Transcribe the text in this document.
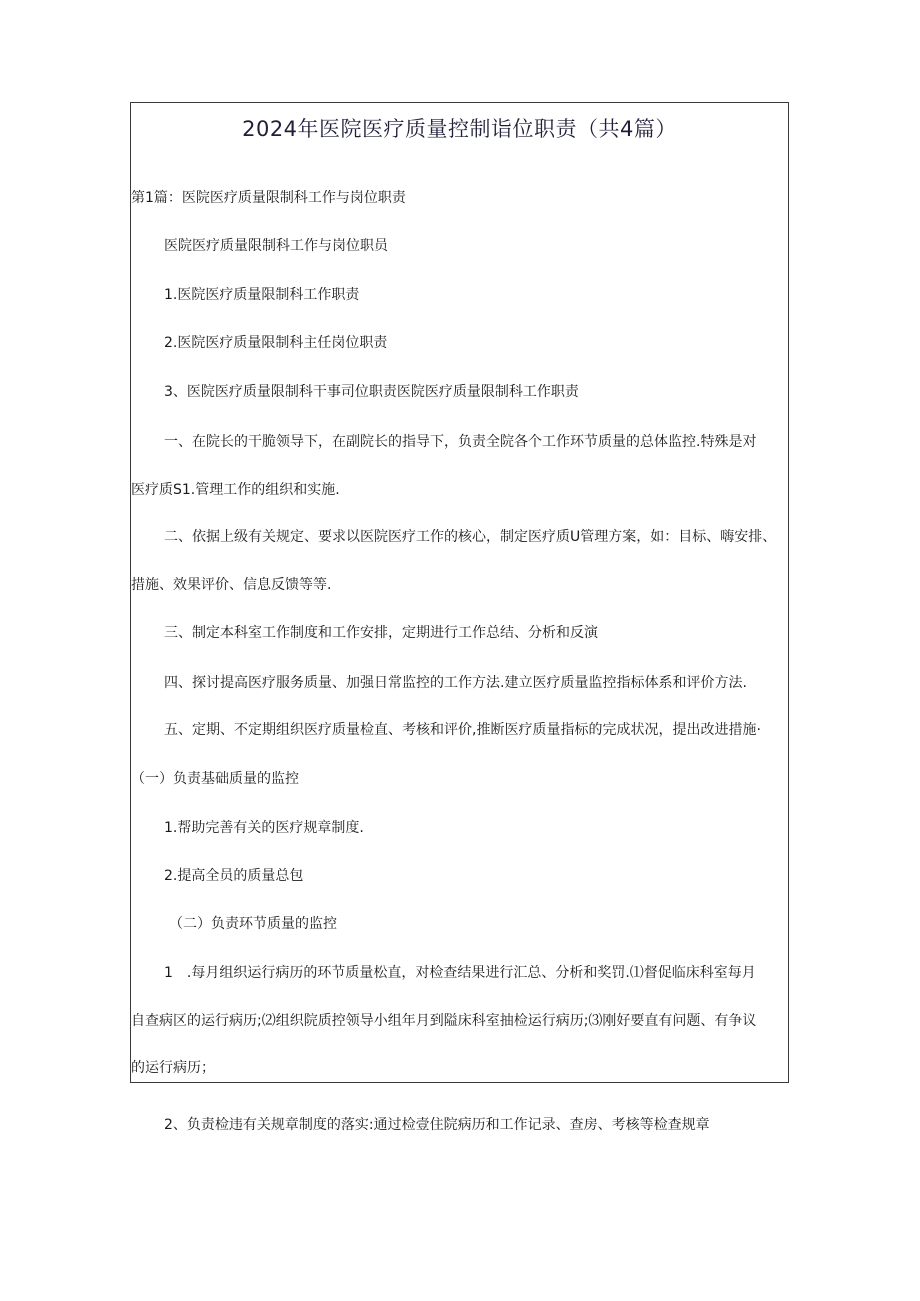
2024年医院医疗质量控制诣位职责（共4篇）
第1篇：医院医疗质量限制科工作与岗位职责
医院医疗质量限制科工作与岗位职员
1.医院医疗质量限制科工作职责
2.医院医疗质量限制科主任岗位职责
3、医院医疗质量限制科干事司位职责医院医疗质量限制科工作职责
一、在院长的干脆领导下，在副院长的指导下，负责全院各个工作环节质量的总体监控.特殊是对
医疗质S1.管理工作的组织和实施.
二、依据上级有关规定、要求以医院医疗工作的核心，制定医疗质U管理方案，如：目标、嗨安排、
措施、效果评价、信息反馈等等.
三、制定本科室工作制度和工作安排，定期进行工作总结、分析和反演
四、探讨提高医疗服务质量、加强日常监控的工作方法.建立医疗质量监控指标体系和评价方法.
五、定期、不定期组织医疗质量检直、考核和评价,推断医疗质量指标的完成状况，提出改进措施·
（一）负责基础质量的监控
1.帮助完善有关的医疗规章制度.
2.提高全员的质量总包
（二）负责环节质量的监控
1　.每月组织运行病历的环节质量松直，对检查结果进行汇总、分析和奖罚.⑴督促临床科室每月
自查病区的运行病历;⑵组织院质控领导小组年月到隘床科室抽检运行病历;⑶刚好要直有问题、有争议
的运行病历；
2、负责检违有关规章制度的落实:通过检壹住院病历和工作记录、查房、考核等检查规章
